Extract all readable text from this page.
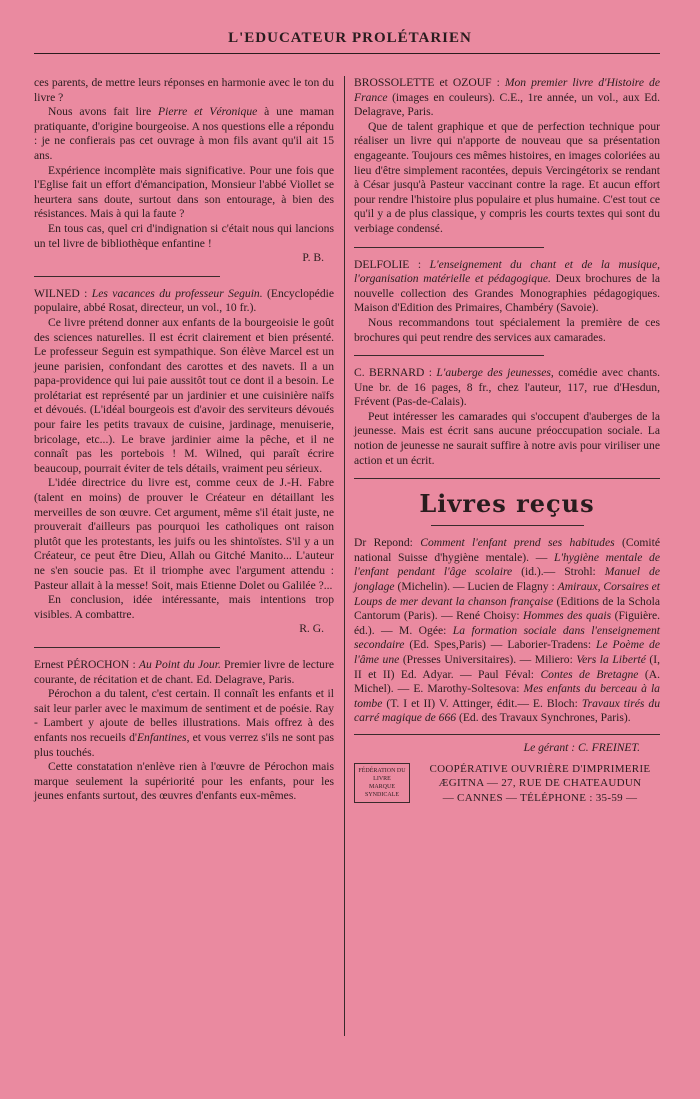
L'EDUCATEUR PROLÉTARIEN

ces parents, de mettre leurs réponses en harmonie avec le ton du livre ?

Nous avons fait lire Pierre et Véronique à une maman pratiquante, d'origine bourgeoise. A nos questions elle a répondu : je ne confierais pas cet ouvrage à mon fils avant qu'il ait 15 ans.

Expérience incomplète mais significative. Pour une fois que l'Eglise fait un effort d'émancipation, Monsieur l'abbé Viollet se heurtera sans doute, surtout dans son entourage, à bien des résistances. Mais à qui la faute ?

En tous cas, quel cri d'indignation si c'était nous qui lancions un tel livre de bibliothèque enfantine !

P. B.

WILNED : Les vacances du professeur Seguin. (Encyclopédie populaire, abbé Rosat, directeur, un vol., 10 fr.).

Ce livre prétend donner aux enfants de la bourgeoisie le goût des sciences naturelles. Il est écrit clairement et bien présenté. Le professeur Seguin est sympathique. Son élève Marcel est un jeune parisien, confondant des carottes et des navets. Il a un papa-providence qui lui paie aussitôt tout ce dont il a besoin. Le prolétariat est représenté par un jardinier et une cuisinière naïfs et dévoués. (L'idéal bourgeois est d'avoir des serviteurs dévoués pour faire les petits travaux de cuisine, jardinage, menuiserie, bricolage, etc...). Le brave jardinier aime la pêche, et il ne connaît pas les portebois ! M. Wilned, qui paraît écrire beaucoup, pourrait éviter de tels détails, vraiment peu sérieux.

L'idée directrice du livre est, comme ceux de J.-H. Fabre (talent en moins) de prouver le Créateur en détaillant les merveilles de son œuvre. Cet argument, même s'il était juste, ne prouverait d'ailleurs pas pourquoi les catholiques ont raison plutôt que les protestants, les juifs ou les shintoïstes. S'il y a un Créateur, ce peut être Dieu, Allah ou Gitché Manito... L'auteur ne s'en soucie pas. Et il triomphe avec l'argument attendu : Pasteur allait à la messe! Soit, mais Etienne Dolet ou Galilée ?...

En conclusion, idée intéressante, mais intentions trop visibles. A combattre.

R. G.

Ernest PÉROCHON : Au Point du Jour. Premier livre de lecture courante, de récitation et de chant. Ed. Delagrave, Paris.

Pérochon a du talent, c'est certain. Il connaît les enfants et il sait leur parler avec le maximum de sentiment et de poésie. Ray - Lambert y ajoute de belles illustrations. Mais offrez à des enfants nos recueils d'Enfantines, et vous verrez s'ils ne sont pas plus touchés.

Cette constatation n'enlève rien à l'œuvre de Pérochon mais marque seulement la supériorité pour les enfants, pour les jeunes enfants surtout, des œuvres d'enfants eux-mêmes.

BROSSOLETTE et OZOUF : Mon premier livre d'Histoire de France (images en couleurs). C.E., 1re année, un vol., aux Ed. Delagrave, Paris.

Que de talent graphique et que de perfection technique pour réaliser un livre qui n'apporte de nouveau que sa présentation engageante. Toujours ces mêmes histoires, en images coloriées au lieu d'être simplement racontées, depuis Vercingétorix se rendant à César jusqu'à Pasteur vaccinant contre la rage. Et aucun effort pour rendre l'histoire plus populaire et plus humaine. C'est tout ce qu'il y a de plus classique, y compris les courts textes qui sont du verbiage condensé.

DELFOLIE : L'enseignement du chant et de la musique, l'organisation matérielle et pédagogique. Deux brochures de la nouvelle collection des Grandes Monographies pédagogiques. Maison d'Edition des Primaires, Chambéry (Savoie).

Nous recommandons tout spécialement la première de ces brochures qui peut rendre des services aux camarades.

C. BERNARD : L'auberge des jeunesses, comédie avec chants. Une br. de 16 pages, 8 fr., chez l'auteur, 117, rue d'Hesdun, Frévent (Pas-de-Calais).

Peut intéresser les camarades qui s'occupent d'auberges de la jeunesse. Mais est écrit sans aucune préoccupation sociale. La notion de jeunesse ne saurait suffire à notre avis pour viriliser une action et un écrit.

Livres reçus

Dr Repond: Comment l'enfant prend ses habitudes (Comité national Suisse d'hygiène mentale). — L'hygiène mentale de l'enfant pendant l'âge scolaire (id.).— Strohl: Manuel de jonglage (Michelin). — Lucien de Flagny : Amiraux, Corsaires et Loups de mer devant la chanson française (Editions de la Schola Cantorum (Paris). — René Choisy: Hommes des quais (Figuière. éd.). — M. Ogée: La formation sociale dans l'enseignement secondaire (Ed. Spes,Paris) — Laborier-Tradens: Le Poème de l'âme une (Presses Universitaires). — Miliero: Vers la Liberté (I, II et II) Ed. Adyar. — Paul Féval: Contes de Bretagne (A. Michel). — E. Marothy-Soltesova: Mes enfants du berceau à la tombe (T. I et II) V. Attinger, édit.— E. Bloch: Travaux tirés du carré magique de 666 (Ed. des Travaux Synchrones, Paris).

Le gérant : C. FREINET.
FÉDÉRATION DU LIVRE
MARQUE SYNDICALE
COOPÉRATIVE OUVRIÈRE D'IMPRIMERIE
ÆGITNA — 27, RUE DE CHATEAUDUN
— CANNES — TÉLÉPHONE : 35-59 —
